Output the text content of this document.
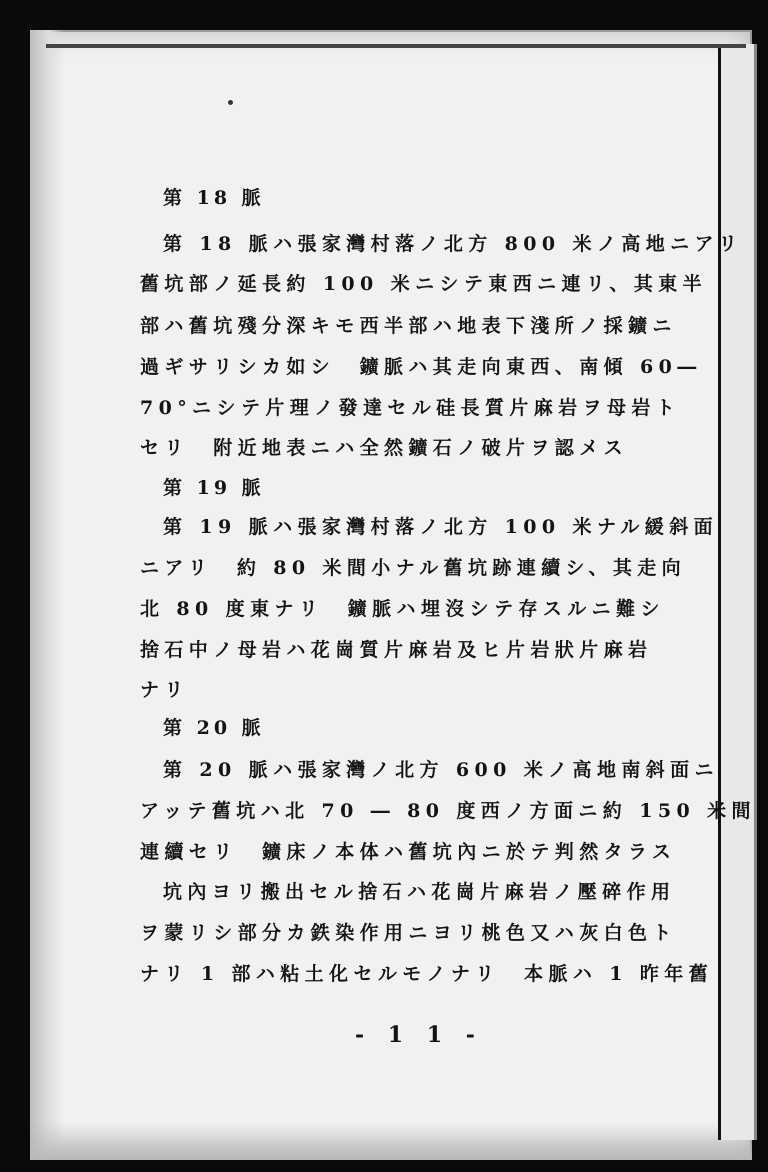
第 18 脈
第 18 脈ハ張家灣村落ノ北方 800 米ノ高地ニアリ
舊坑部ノ延長約 100 米ニシテ東西ニ連リ、其東半
部ハ舊坑殘分深キモ西半部ハ地表下淺所ノ採鑛ニ
過ギサリシカ如シ　鑛脈ハ其走向東西、南傾 60―
70°ニシテ片理ノ發達セル硅長質片麻岩ヲ母岩ト
セリ　附近地表ニハ全然鑛石ノ破片ヲ認メス
第 19 脈
第 19 脈ハ張家灣村落ノ北方 100 米ナル緩斜面
ニアリ　約 80 米間小ナル舊坑跡連續シ、其走向
北 80 度東ナリ　鑛脈ハ埋沒シテ存スルニ難シ
捨石中ノ母岩ハ花崗質片麻岩及ヒ片岩狀片麻岩
ナリ
第 20 脈
第 20 脈ハ張家灣ノ北方 600 米ノ高地南斜面ニ
アッテ舊坑ハ北 70 ― 80 度西ノ方面ニ約 150 米間
連續セリ　鑛床ノ本体ハ舊坑內ニ於テ判然タラス
坑內ヨリ搬出セル捨石ハ花崗片麻岩ノ壓碎作用
ヲ蒙リシ部分カ鉄染作用ニヨリ桃色又ハ灰白色ト
ナリ 1 部ハ粘土化セルモノナリ　本脈ハ 1 昨年舊
- 1 1 -
